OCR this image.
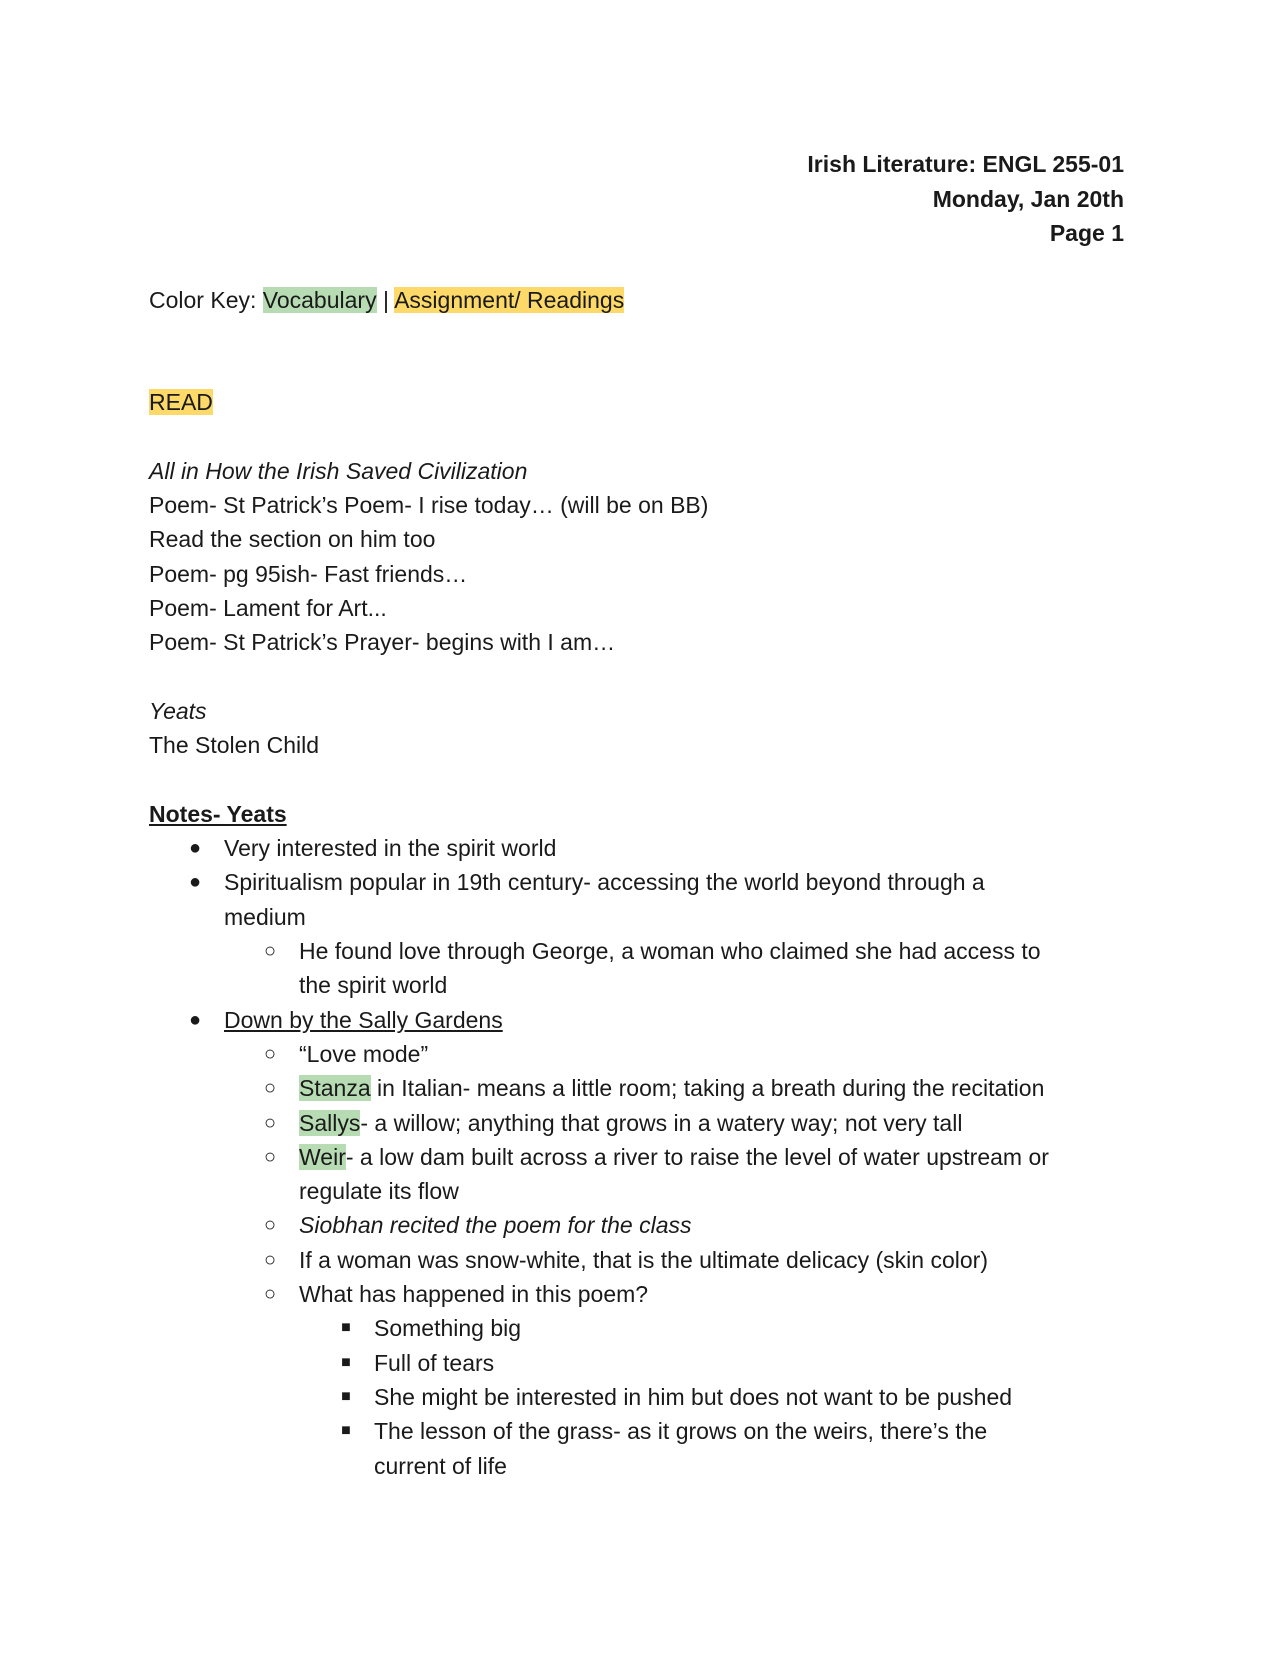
Irish Literature: ENGL 255-01
Monday, Jan 20th
Page 1
Color Key: Vocabulary | Assignment/ Readings
READ
All in How the Irish Saved Civilization
Poem- St Patrick’s Poem- I rise today… (will be on BB)
Read the section on him too
Poem- pg 95ish- Fast friends…
Poem- Lament for Art...
Poem- St Patrick’s Prayer- begins with I am…
Yeats
The Stolen Child
Notes- Yeats
● Very interested in the spirit world
● Spiritualism popular in 19th century- accessing the world beyond through a
medium
○ He found love through George, a woman who claimed she had access to
the spirit world
● Down by the Sally Gardens
○ “Love mode”
○ Stanza in Italian- means a little room; taking a breath during the recitation
○ Sallys- a willow; anything that grows in a watery way; not very tall
○ Weir- a low dam built across a river to raise the level of water upstream or
regulate its flow
○ Siobhan recited the poem for the class
○ If a woman was snow-white, that is the ultimate delicacy (skin color)
○ What has happened in this poem?
■ Something big
■ Full of tears
■ She might be interested in him but does not want to be pushed
■ The lesson of the grass- as it grows on the weirs, there’s the
current of life
